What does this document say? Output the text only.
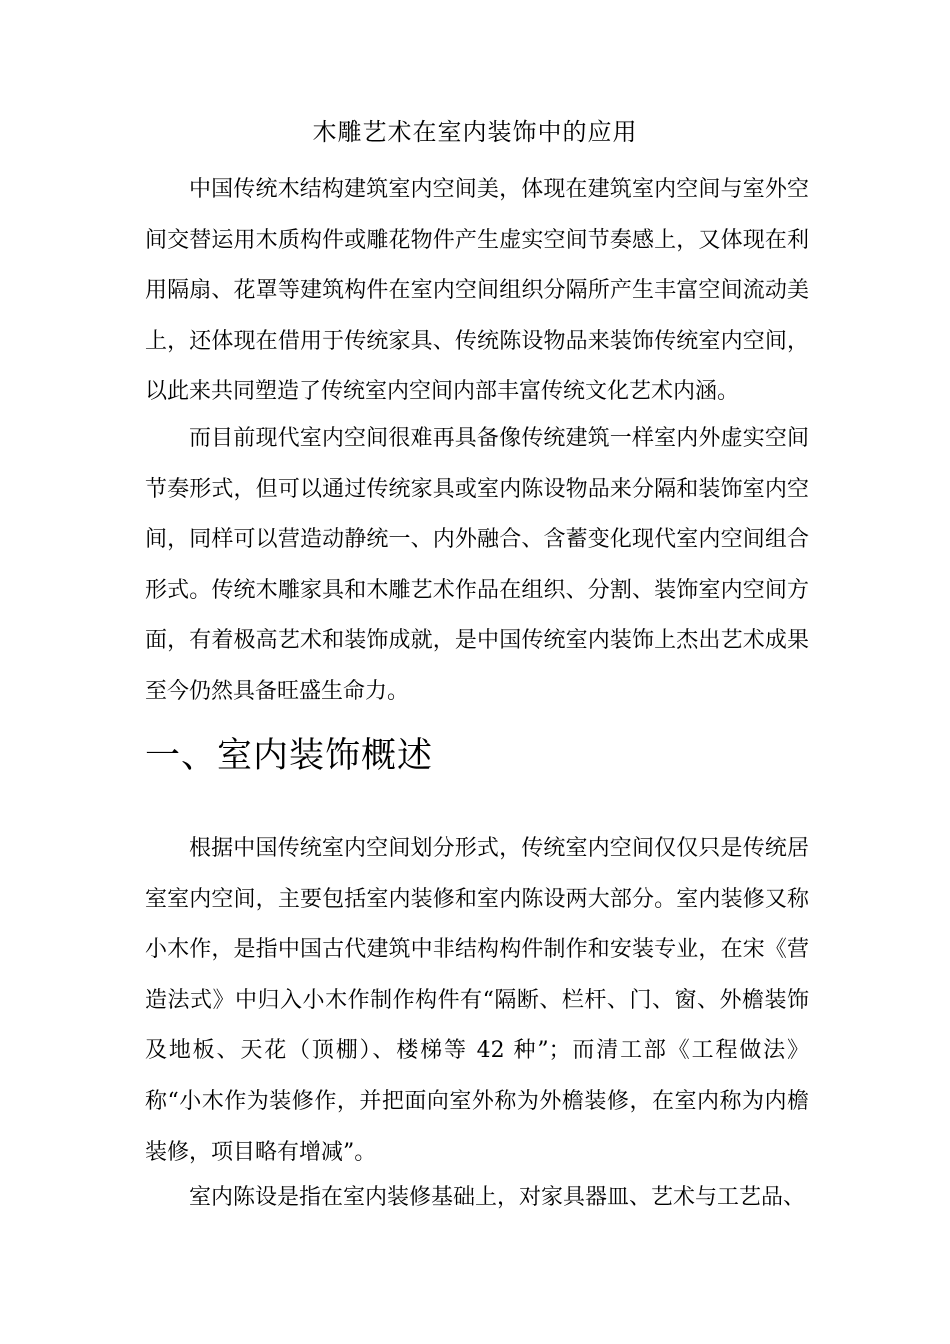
木雕艺术在室内装饰中的应用

中国传统木结构建筑室内空间美，体现在建筑室内空间与室外空间交替运用木质构件或雕花物件产生虚实空间节奏感上，又体现在利用隔扇、花罩等建筑构件在室内空间组织分隔所产生丰富空间流动美上，还体现在借用于传统家具、传统陈设物品来装饰传统室内空间，以此来共同塑造了传统室内空间内部丰富传统文化艺术内涵。

而目前现代室内空间很难再具备像传统建筑一样室内外虚实空间节奏形式，但可以通过传统家具或室内陈设物品来分隔和装饰室内空间，同样可以营造动静统一、内外融合、含蓄变化现代室内空间组合形式。传统木雕家具和木雕艺术作品在组织、分割、装饰室内空间方面，有着极高艺术和装饰成就，是中国传统室内装饰上杰出艺术成果至今仍然具备旺盛生命力。

一、室内装饰概述

根据中国传统室内空间划分形式，传统室内空间仅仅只是传统居室室内空间，主要包括室内装修和室内陈设两大部分。室内装修又称小木作，是指中国古代建筑中非结构构件制作和安装专业，在宋《营造法式》中归入小木作制作构件有“隔断、栏杆、门、窗、外檐装饰及地板、天花（顶棚）、楼梯等 42 种”；而清工部《工程做法》称“小木作为装修作，并把面向室外称为外檐装修，在室内称为内檐装修，项目略有增减”。

室内陈设是指在室内装修基础上，对家具器皿、艺术与工艺品、
